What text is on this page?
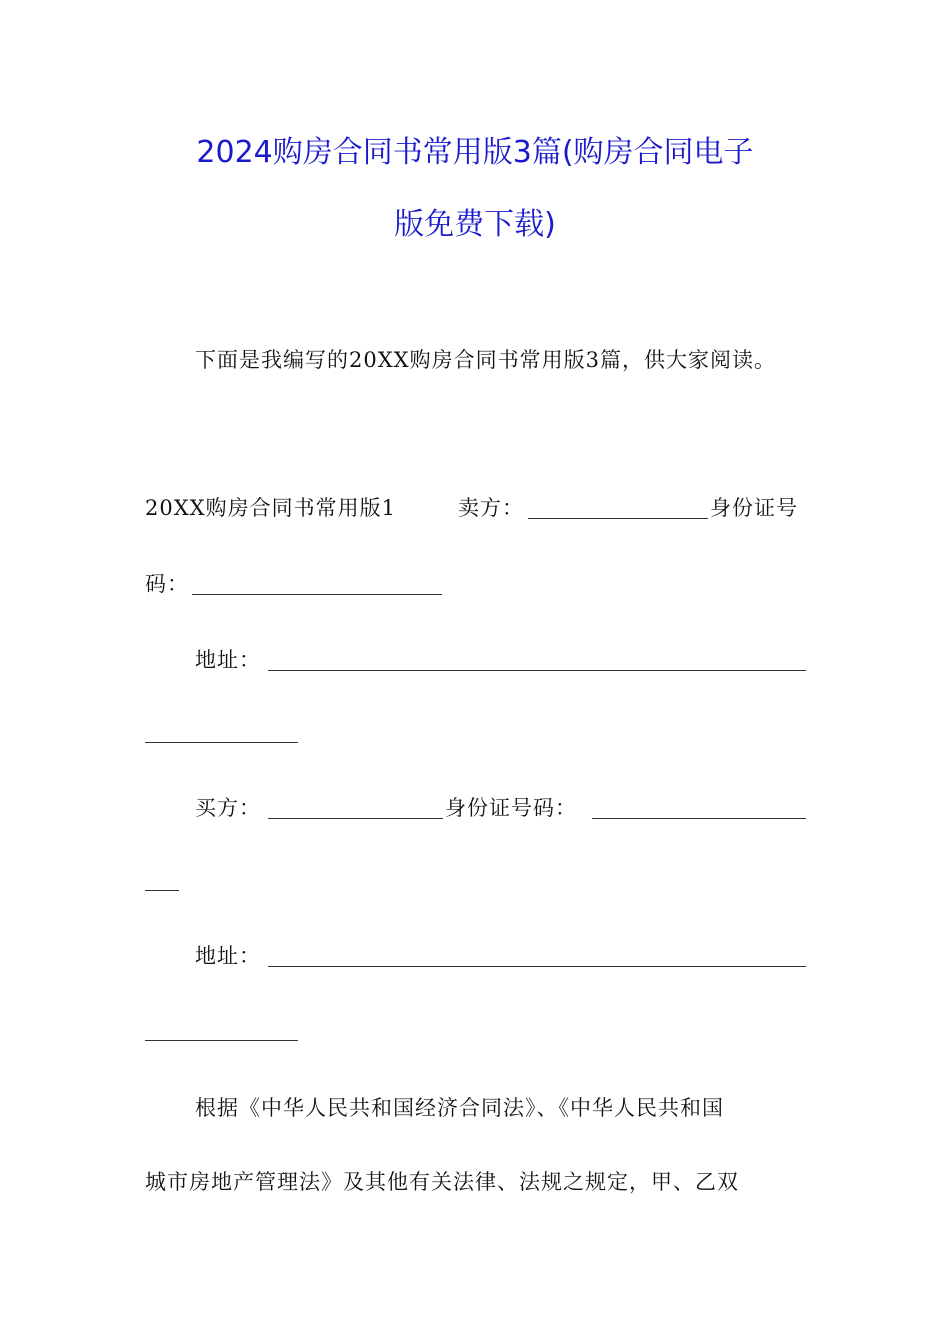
2024购房合同书常用版3篇(购房合同电子
版免费下载)
下面是我编写的20XX购房合同书常用版3篇，供大家阅读。
20XX购房合同书常用版1	卖方：	身份证号
码：
地址：
买方：	身份证号码：
地址：
根据《中华人民共和国经济合同法》、《中华人民共和国
城市房地产管理法》及其他有关法律、法规之规定，甲、乙双
